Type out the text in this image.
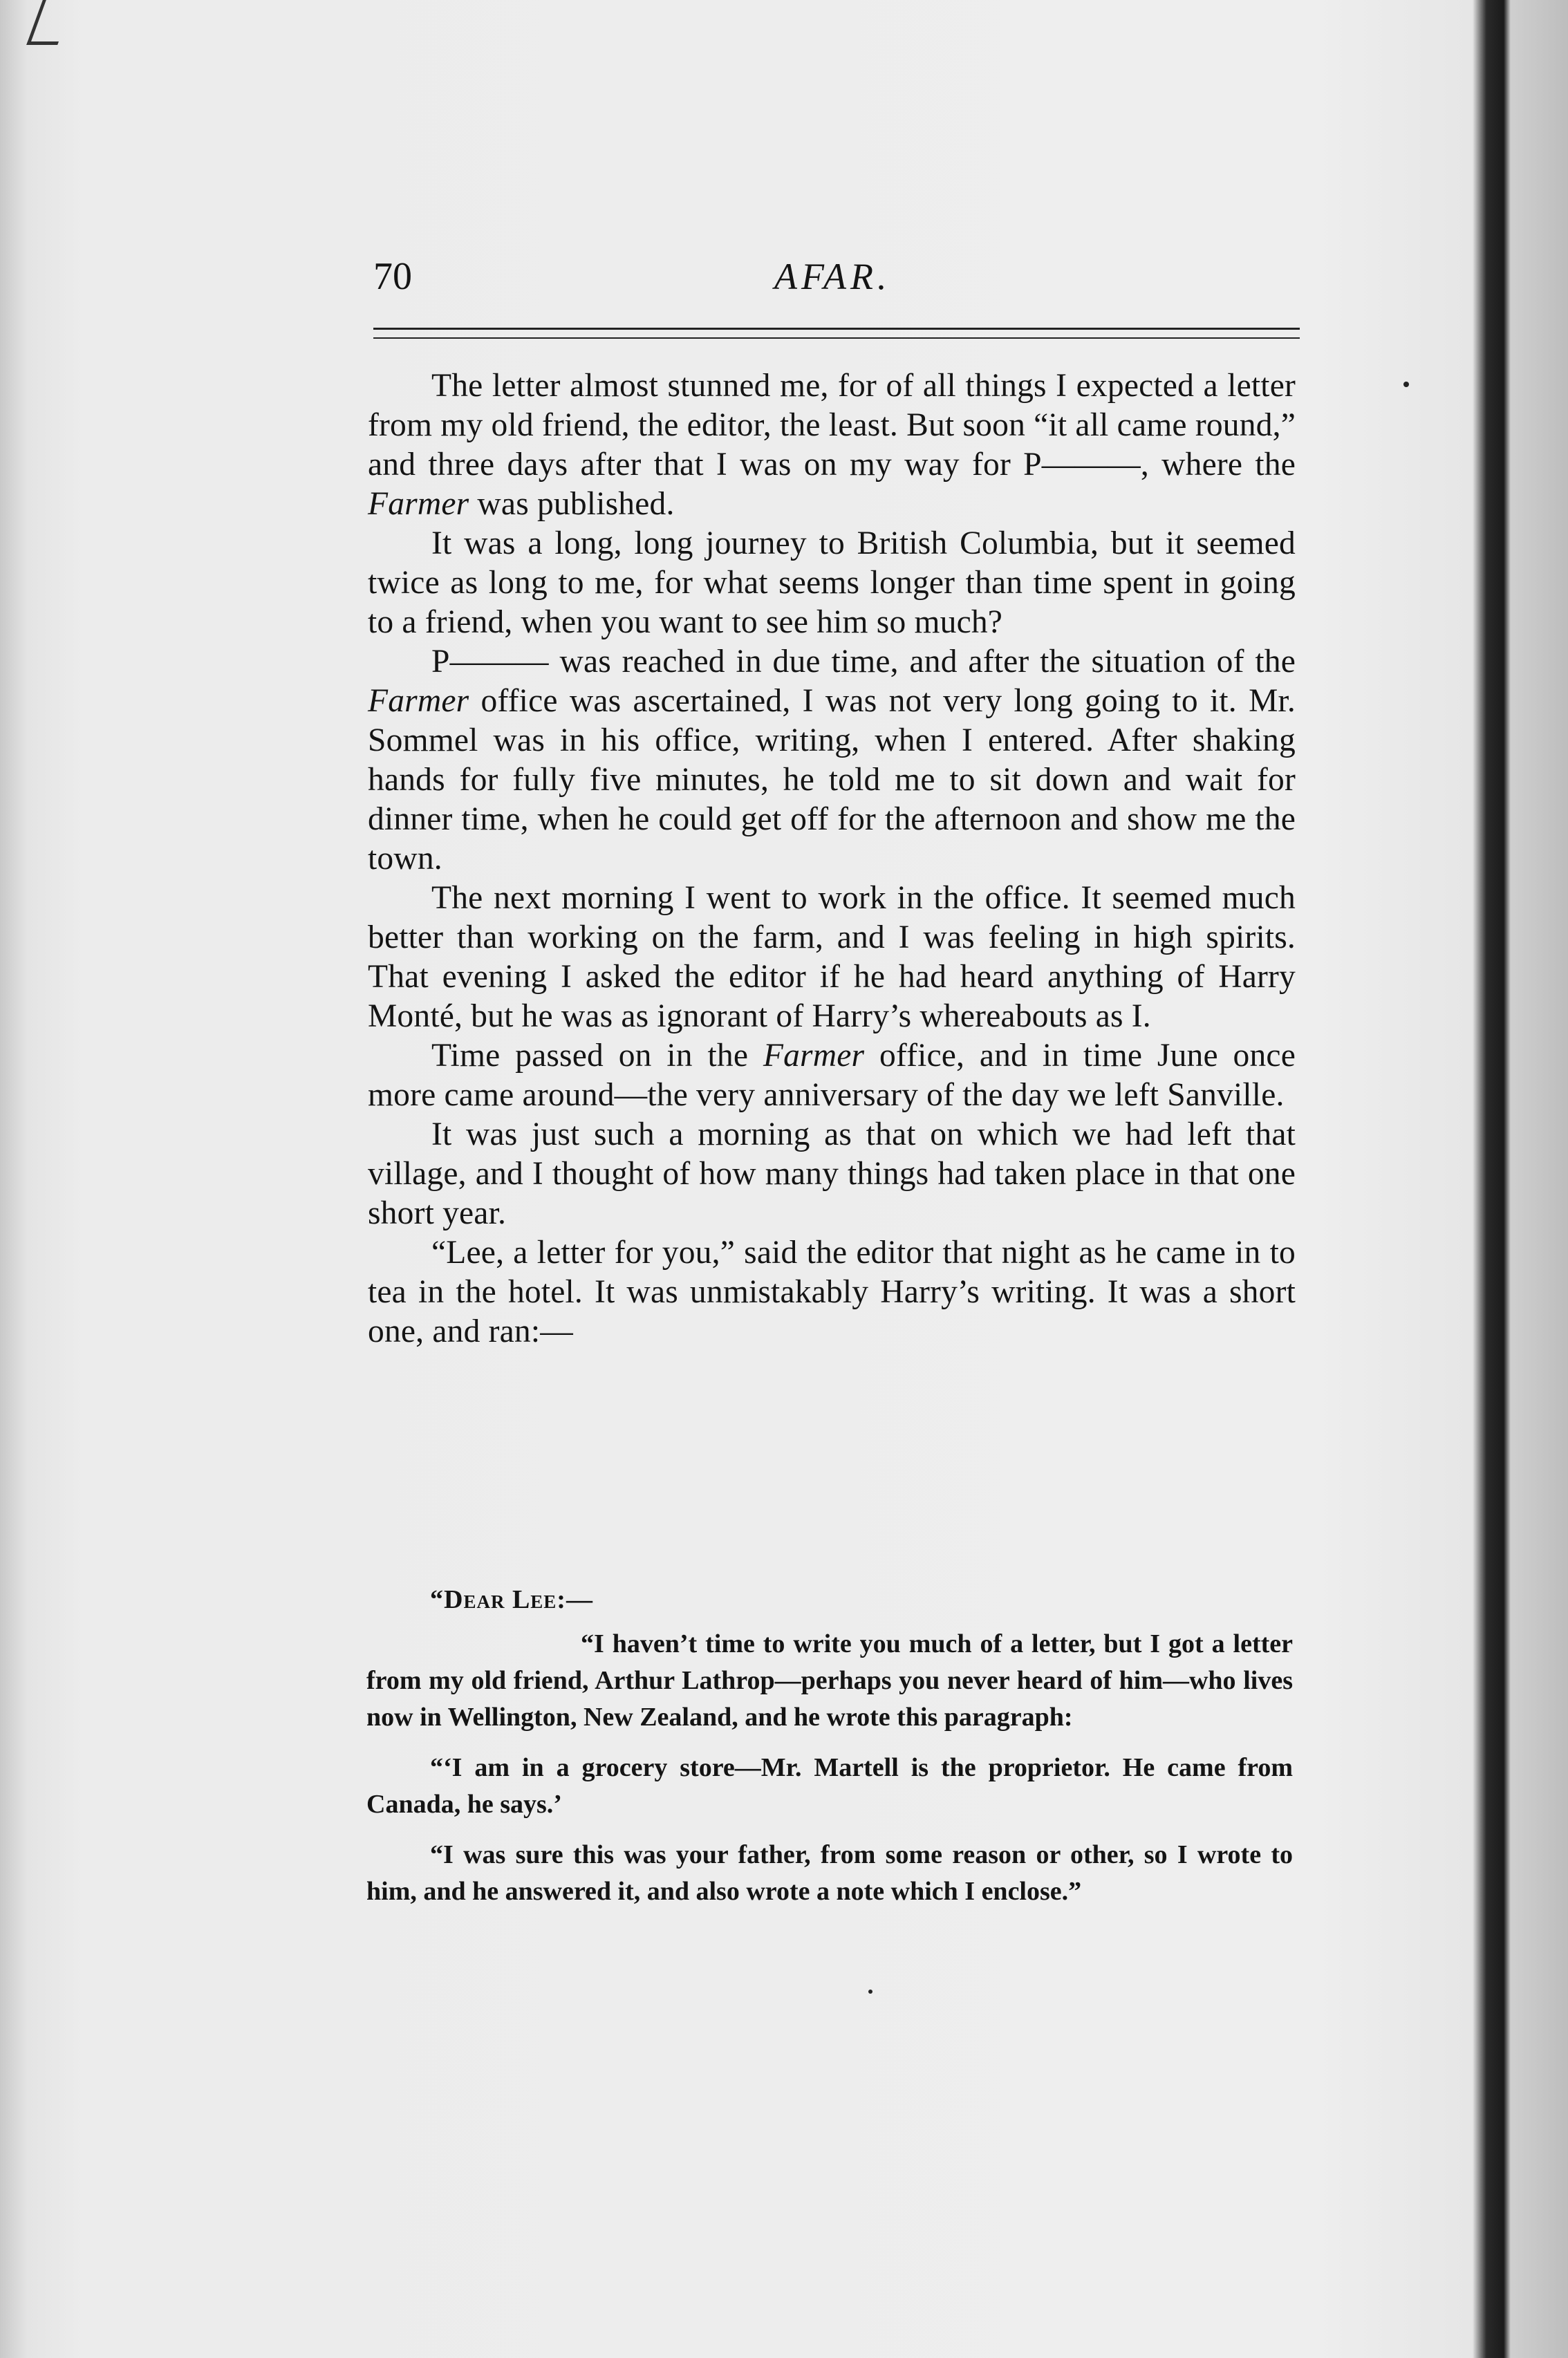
70	AFAR.

The letter almost stunned me, for of all things I expected a letter from my old friend, the editor, the least. But soon “it all came round,” and three days after that I was on my way for P———, where the Farmer was published.

It was a long, long journey to British Columbia, but it seemed twice as long to me, for what seems longer than time spent in going to a friend, when you want to see him so much?

P——— was reached in due time, and after the situation of the Farmer office was ascertained, I was not very long going to it. Mr. Sommel was in his office, writing, when I entered. After shaking hands for fully five minutes, he told me to sit down and wait for dinner time, when he could get off for the afternoon and show me the town.

The next morning I went to work in the office. It seemed much better than working on the farm, and I was feeling in high spirits. That evening I asked the editor if he had heard anything of Harry Monté, but he was as ignorant of Harry’s whereabouts as I.

Time passed on in the Farmer office, and in time June once more came around—the very anniversary of the day we left Sanville.

It was just such a morning as that on which we had left that village, and I thought of how many things had taken place in that one short year.

“Lee, a letter for you,” said the editor that night as he came in to tea in the hotel. It was unmistakably Harry’s writing. It was a short one, and ran:—

“Dear Lee:—

“I haven’t time to write you much of a letter, but I got a letter from my old friend, Arthur Lathrop—perhaps you never heard of him—who lives now in Wellington, New Zealand, and he wrote this paragraph:

“‘I am in a grocery store—Mr. Martell is the proprietor. He came from Canada, he says.’

“I was sure this was your father, from some reason or other, so I wrote to him, and he answered it, and also wrote a note which I enclose.”
